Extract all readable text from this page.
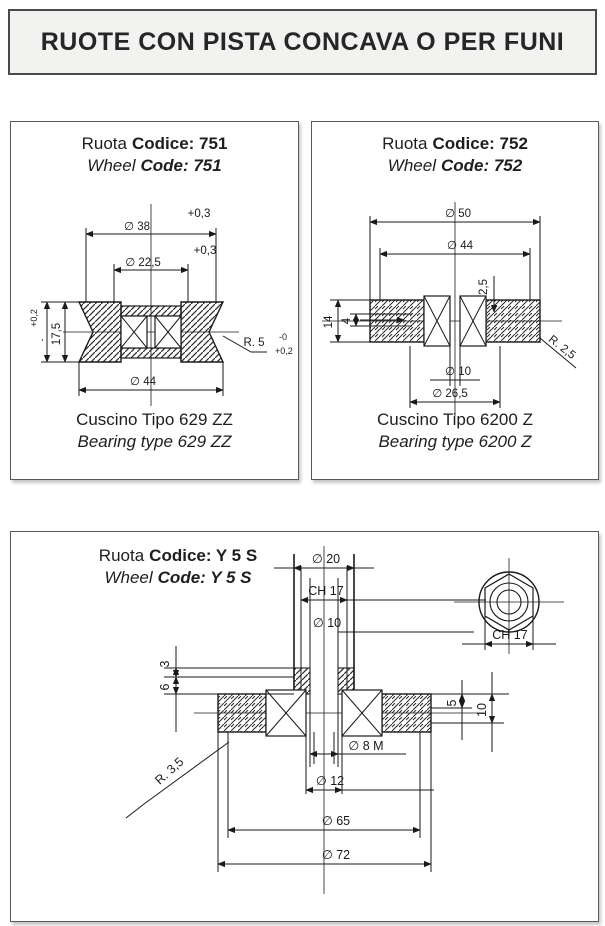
RUOTE CON PISTA CONCAVA O PER FUNI
Ruota Codice: 751
Wheel Code: 751
∅ 38
+0,3
∅ 22,5
+0,3
∅ 44
17,5
+0,2
-	R. 5 -0
+0,2
Cuscino Tipo 629 ZZ
Bearing type 629 ZZ
Ruota Codice: 752
Wheel Code: 752
∅ 50
∅ 44
2,5
14 4
R. 2,5
∅ 10
∅ 26,5
Cuscino Tipo 6200 Z
Bearing type 6200 Z
Ruota Codice: Y 5 S
Wheel Code: Y 5 S
∅ 20
CH 17
∅ 10
3
6
R. 3,5
5
10
∅ 8 M
∅ 12
∅ 65
∅ 72
CH 17
